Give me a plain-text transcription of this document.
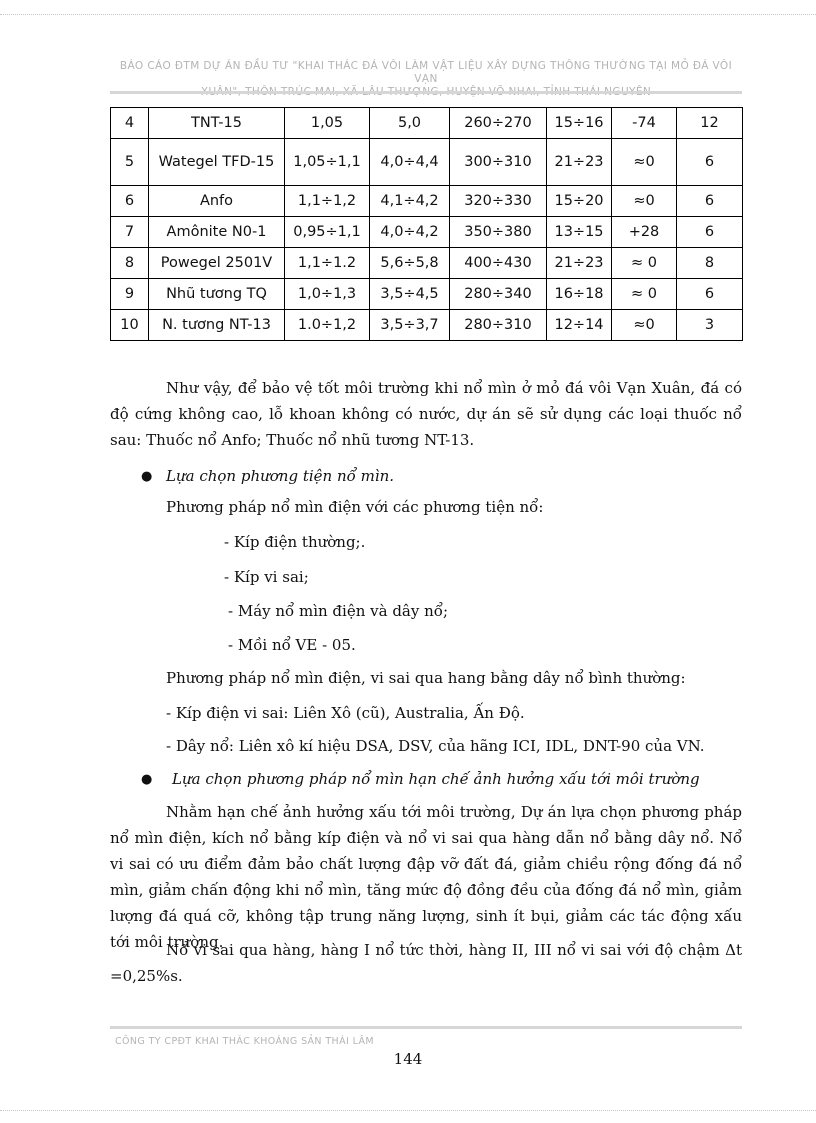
BÁO CÁO ĐTM DỰ ÁN ĐẦU TƯ "KHAI THÁC ĐÁ VÔI LÀM VẬT LIỆU XÂY DỰNG THÔNG THƯỜNG TẠI MỎ ĐÁ VÔI VẠN
4	TNT-15	1,05	5,0	260÷270	15÷16	-74	12
5	Wategel TFD-15	1,05÷1,1	4,0÷4,4	300÷310	21÷23	≈0	6
6	Anfo	1,1÷1,2	4,1÷4,2	320÷330	15÷20	≈0	6
7	Amônite N0-1	0,95÷1,1	4,0÷4,2	350÷380	13÷15	+28	6
8	Powegel 2501V	1,1÷1.2	5,6÷5,8	400÷430	21÷23	≈ 0	8
9	Nhũ tương TQ	1,0÷1,3	3,5÷4,5	280÷340	16÷18	≈ 0	6
10	N. tương NT-13	1.0÷1,2	3,5÷3,7	280÷310	12÷14	≈0	3

Như vậy, để bảo vệ tốt môi trường khi nổ mìn ở mỏ đá vôi Vạn Xuân, đá có độ cứng không cao, lỗ khoan không có nước, dự án sẽ sử dụng các loại thuốc nổ sau: Thuốc nổ Anfo; Thuốc nổ nhũ tương NT-13.

● Lựa chọn phương tiện nổ mìn.

Phương pháp nổ mìn điện với các phương tiện nổ:

- Kíp điện thường;.

- Kíp vi sai;

- Máy nổ mìn điện và dây nổ;

- Mồi nổ VE - 05.

Phương pháp nổ mìn điện, vi sai qua hang bằng dây nổ bình thường:

- Kíp điện vi sai: Liên Xô (cũ), Australia, Ấn Độ.

- Dây nổ: Liên xô kí hiệu DSA, DSV, của hãng ICI, IDL, DNT-90 của VN.

● Lựa chọn phương pháp nổ mìn hạn chế ảnh hưởng xấu tới môi trường

Nhằm hạn chế ảnh hưởng xấu tới môi trường, Dự án lựa chọn phương pháp nổ mìn điện, kích nổ bằng kíp điện và nổ vi sai qua hàng dẫn nổ bằng dây nổ. Nổ vi sai có ưu điểm đảm bảo chất lượng đập vỡ đất đá, giảm chiều rộng đống đá nổ mìn, giảm chấn động khi nổ mìn, tăng mức độ đồng đều của đống đá nổ mìn, giảm lượng đá quá cỡ, không tập trung năng lượng, sinh ít bụi, giảm các tác động xấu tới môi trường.

Nổ vi sai qua hàng, hàng I nổ tức thời, hàng II, III nổ vi sai với độ chậm Δt =0,25%s.

CÔNG TY CPĐT KHAI THÁC KHOÁNG SẢN THÁI LÂM
144
